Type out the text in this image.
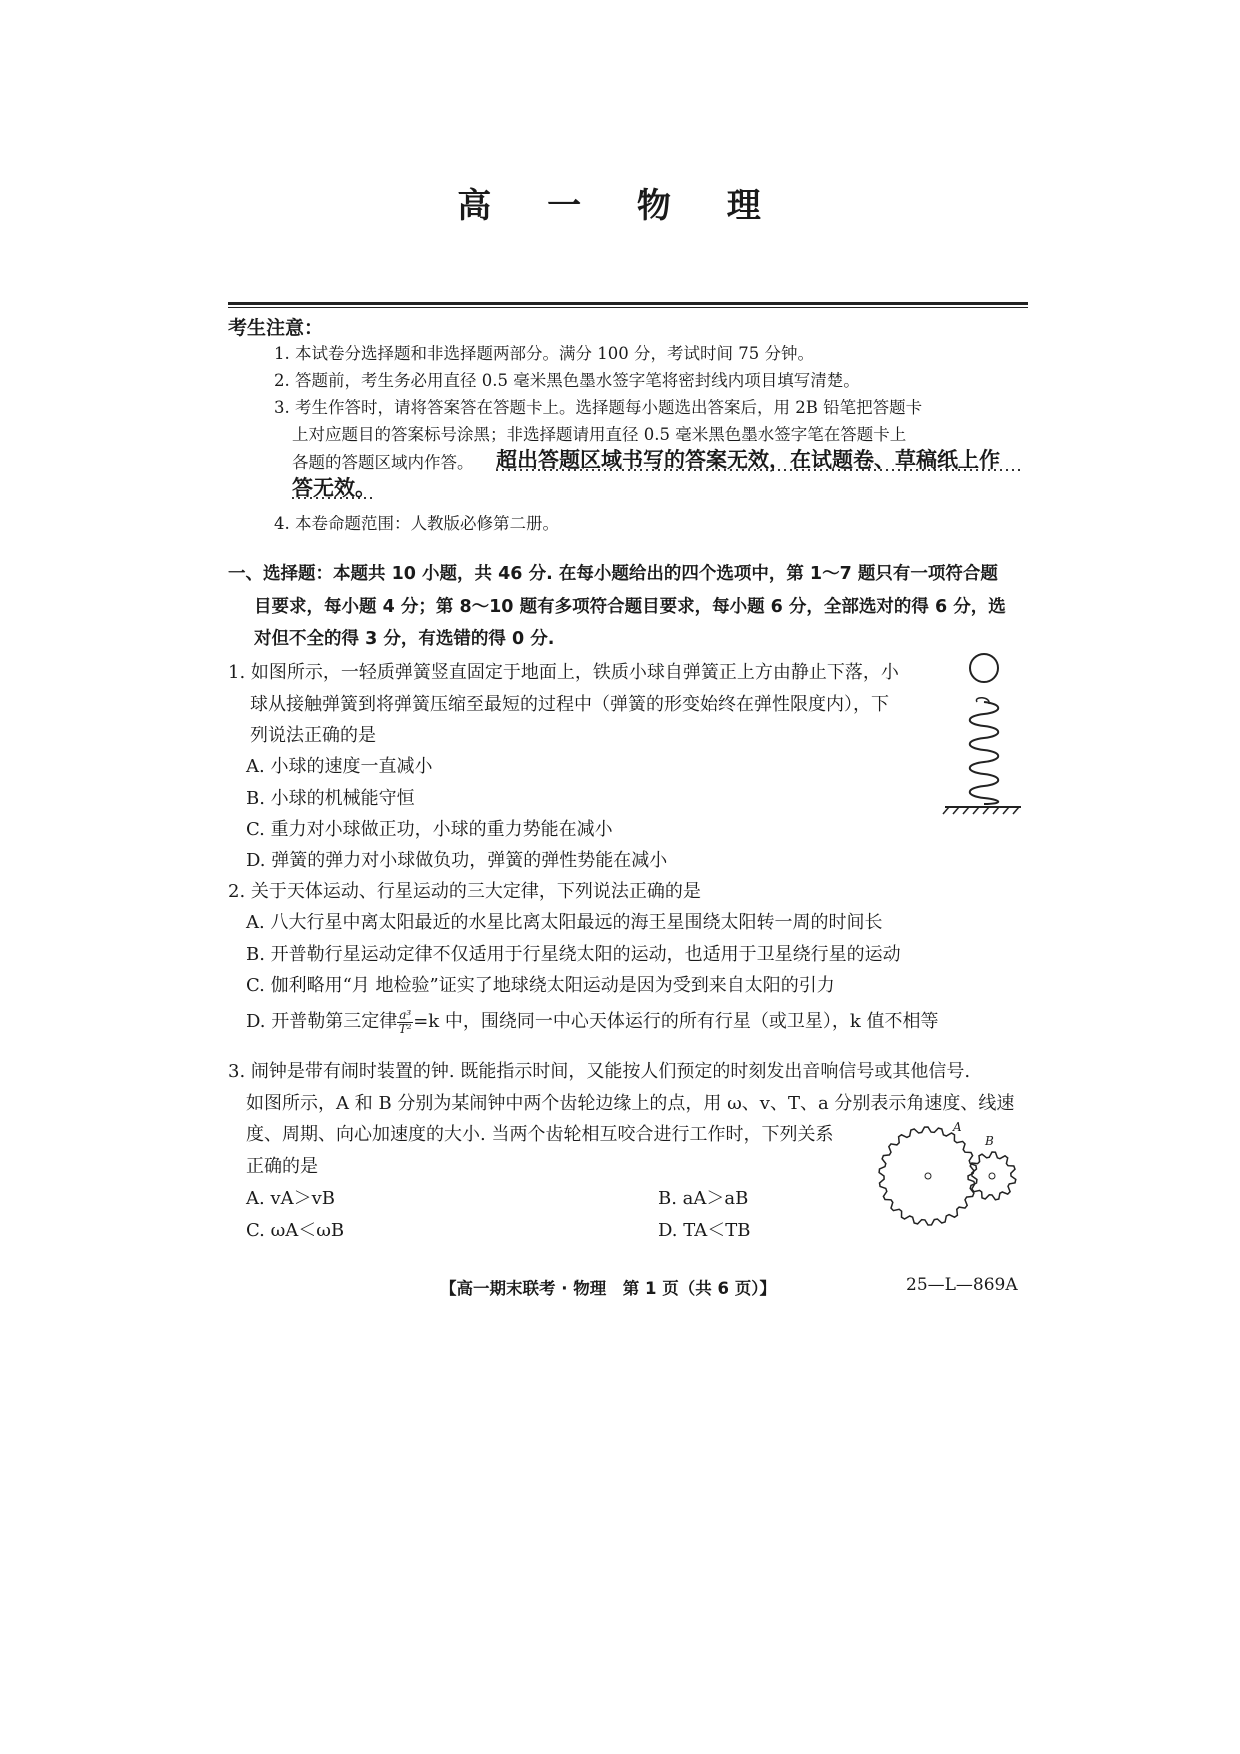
高 一 物 理
考生注意：
1. 本试卷分选择题和非选择题两部分。满分 100 分，考试时间 75 分钟。
2. 答题前，考生务必用直径 0.5 毫米黑色墨水签字笔将密封线内项目填写清楚。
3. 考生作答时，请将答案答在答题卡上。选择题每小题选出答案后，用 2B 铅笔把答题卡
上对应题目的答案标号涂黑；非选择题请用直径 0.5 毫米黑色墨水签字笔在答题卡上
各题的答题区域内作答。 超出答题区域书写的答案无效，在试题卷、草稿纸上作
答无效。
4. 本卷命题范围：人教版必修第二册。
一、选择题：本题共 10 小题，共 46 分. 在每小题给出的四个选项中，第 1～7 题只有一项符合题
目要求，每小题 4 分；第 8～10 题有多项符合题目要求，每小题 6 分，全部选对的得 6 分，选
对但不全的得 3 分，有选错的得 0 分.
1. 如图所示，一轻质弹簧竖直固定于地面上，铁质小球自弹簧正上方由静止下落，小
球从接触弹簧到将弹簧压缩至最短的过程中（弹簧的形变始终在弹性限度内），下
列说法正确的是
A. 小球的速度一直减小
B. 小球的机械能守恒
C. 重力对小球做正功，小球的重力势能在减小
D. 弹簧的弹力对小球做负功，弹簧的弹性势能在减小
2. 关于天体运动、行星运动的三大定律，下列说法正确的是
A. 八大行星中离太阳最近的水星比离太阳最远的海王星围绕太阳转一周的时间长
B. 开普勒行星运动定律不仅适用于行星绕太阳的运动，也适用于卫星绕行星的运动
C. 伽利略用“月 地检验”证实了地球绕太阳运动是因为受到来自太阳的引力
D. 开普勒第三定律 $\frac{\text{a³}}{\text{T²}} =k$ 中，围绕同一中心天体运行的所有行星（或卫星），k 值不相等
3. 闹钟是带有闹时装置的钟. 既能指示时间，又能按人们预定的时刻发出音响信号或其他信号.
如图所示，A 和 B 分别为某闹钟中两个齿轮边缘上的点，用 ω、v、T、a 分别表示角速度、线速
度、周期、向心加速度的大小. 当两个齿轮相互咬合进行工作时，下列关系
正确的是
A. vA＞vB	B. aA＞aB
C. ωA＜ωB	D. TA＜TB
A
B
【高一期末联考 · 物理　第 1 页（共 6 页）】	25—L—869A
